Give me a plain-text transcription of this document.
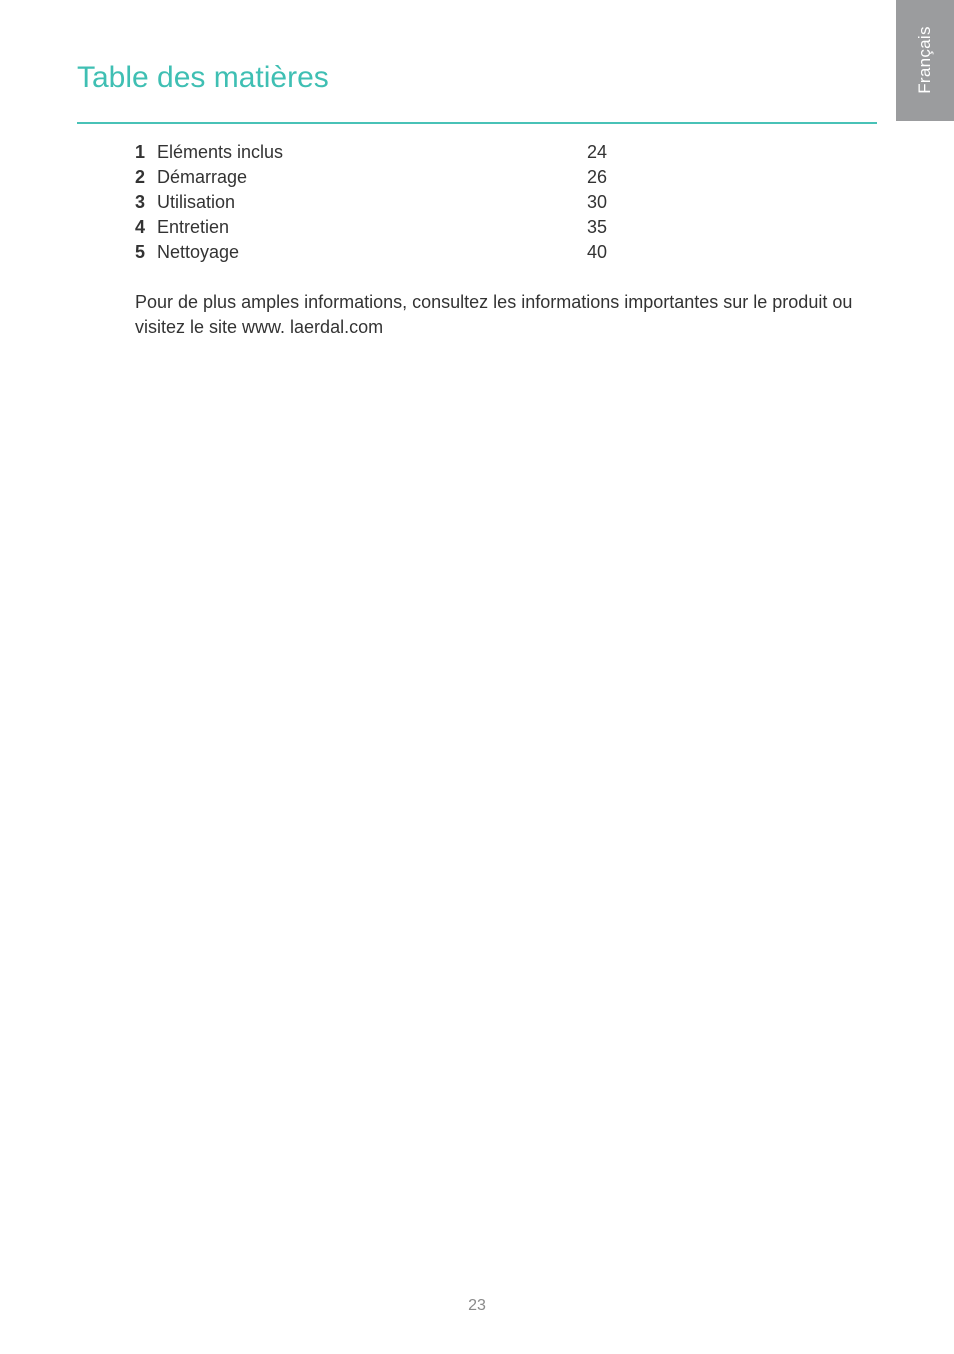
Français
Table des matières
1 Eléments inclus	24
2 Démarrage	26
3 Utilisation	30
4 Entretien	35
5 Nettoyage	40

Pour de plus amples informations, consultez les informations importantes sur le produit ou visitez le site www. laerdal.com

23
